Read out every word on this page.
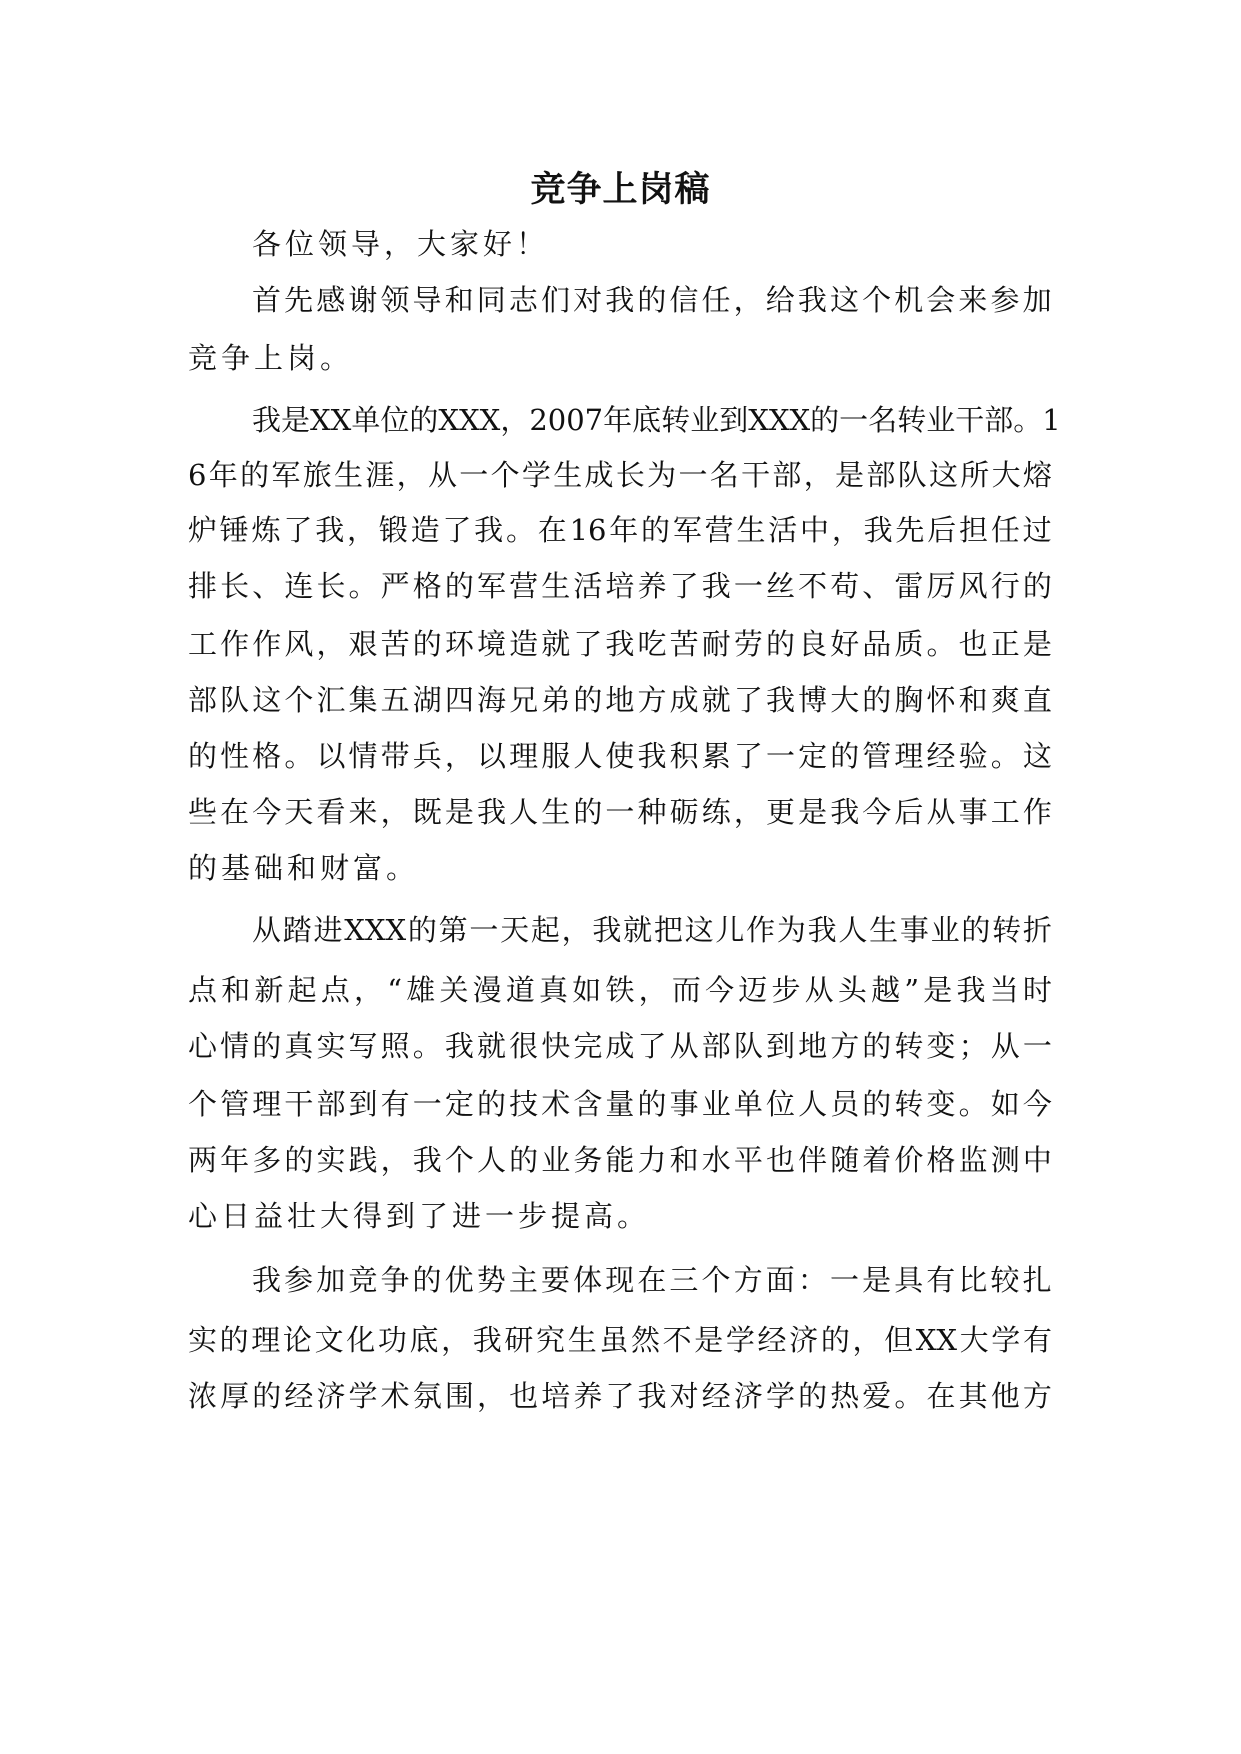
竞争上岗稿
各位领导，大家好！
首 先 感 谢 领 导 和 同 志 们 对 我 的 信 任 ， 给 我 这 个 机 会 来 参 加
竞争上岗。
我 是 XX 单 位 的 XXX ， 2007 年 底 转 业 到 XXX 的 一 名 转 业 干 部 。 1
6 年 的 军 旅 生 涯 ， 从 一 个 学 生 成 长 为 一 名 干 部 ， 是 部 队 这 所 大 熔
炉 锤 炼 了 我 ， 锻 造 了 我 。 在 16 年 的 军 营 生 活 中 ， 我 先 后 担 任 过
排 长 、 连 长 。 严 格 的 军 营 生 活 培 养 了 我 一 丝 不 苟 、 雷 厉 风 行 的
工 作 作 风 ， 艰 苦 的 环 境 造 就 了 我 吃 苦 耐 劳 的 良 好 品 质 。 也 正 是
部 队 这 个 汇 集 五 湖 四 海 兄 弟 的 地 方 成 就 了 我 博 大 的 胸 怀 和 爽 直
的 性 格 。 以 情 带 兵 ， 以 理 服 人 使 我 积 累 了 一 定 的 管 理 经 验 。 这
些 在 今 天 看 来 ， 既 是 我 人 生 的 一 种 砺 练 ， 更 是 我 今 后 从 事 工 作
的基础和财富。
从 踏 进 XXX 的 第 一 天 起 ， 我 就 把 这 儿 作 为 我 人 生 事 业 的 转 折
点 和 新 起 点 ， “ 雄 关 漫 道 真 如 铁 ， 而 今 迈 步 从 头 越 ” 是 我 当 时
心 情 的 真 实 写 照 。 我 就 很 快 完 成 了 从 部 队 到 地 方 的 转 变 ； 从 一
个 管 理 干 部 到 有 一 定 的 技 术 含 量 的 事 业 单 位 人 员 的 转 变 。 如 今
两 年 多 的 实 践 ， 我 个 人 的 业 务 能 力 和 水 平 也 伴 随 着 价 格 监 测 中
心日益壮大得到了进一步提高。
我 参 加 竞 争 的 优 势 主 要 体 现 在 三 个 方 面 ： 一 是 具 有 比 较 扎
实 的 理 论 文 化 功 底 ， 我 研 究 生 虽 然 不 是 学 经 济 的 ， 但 XX 大 学 有
浓 厚 的 经 济 学 术 氛 围 ， 也 培 养 了 我 对 经 济 学 的 热 爱 。 在 其 他 方
